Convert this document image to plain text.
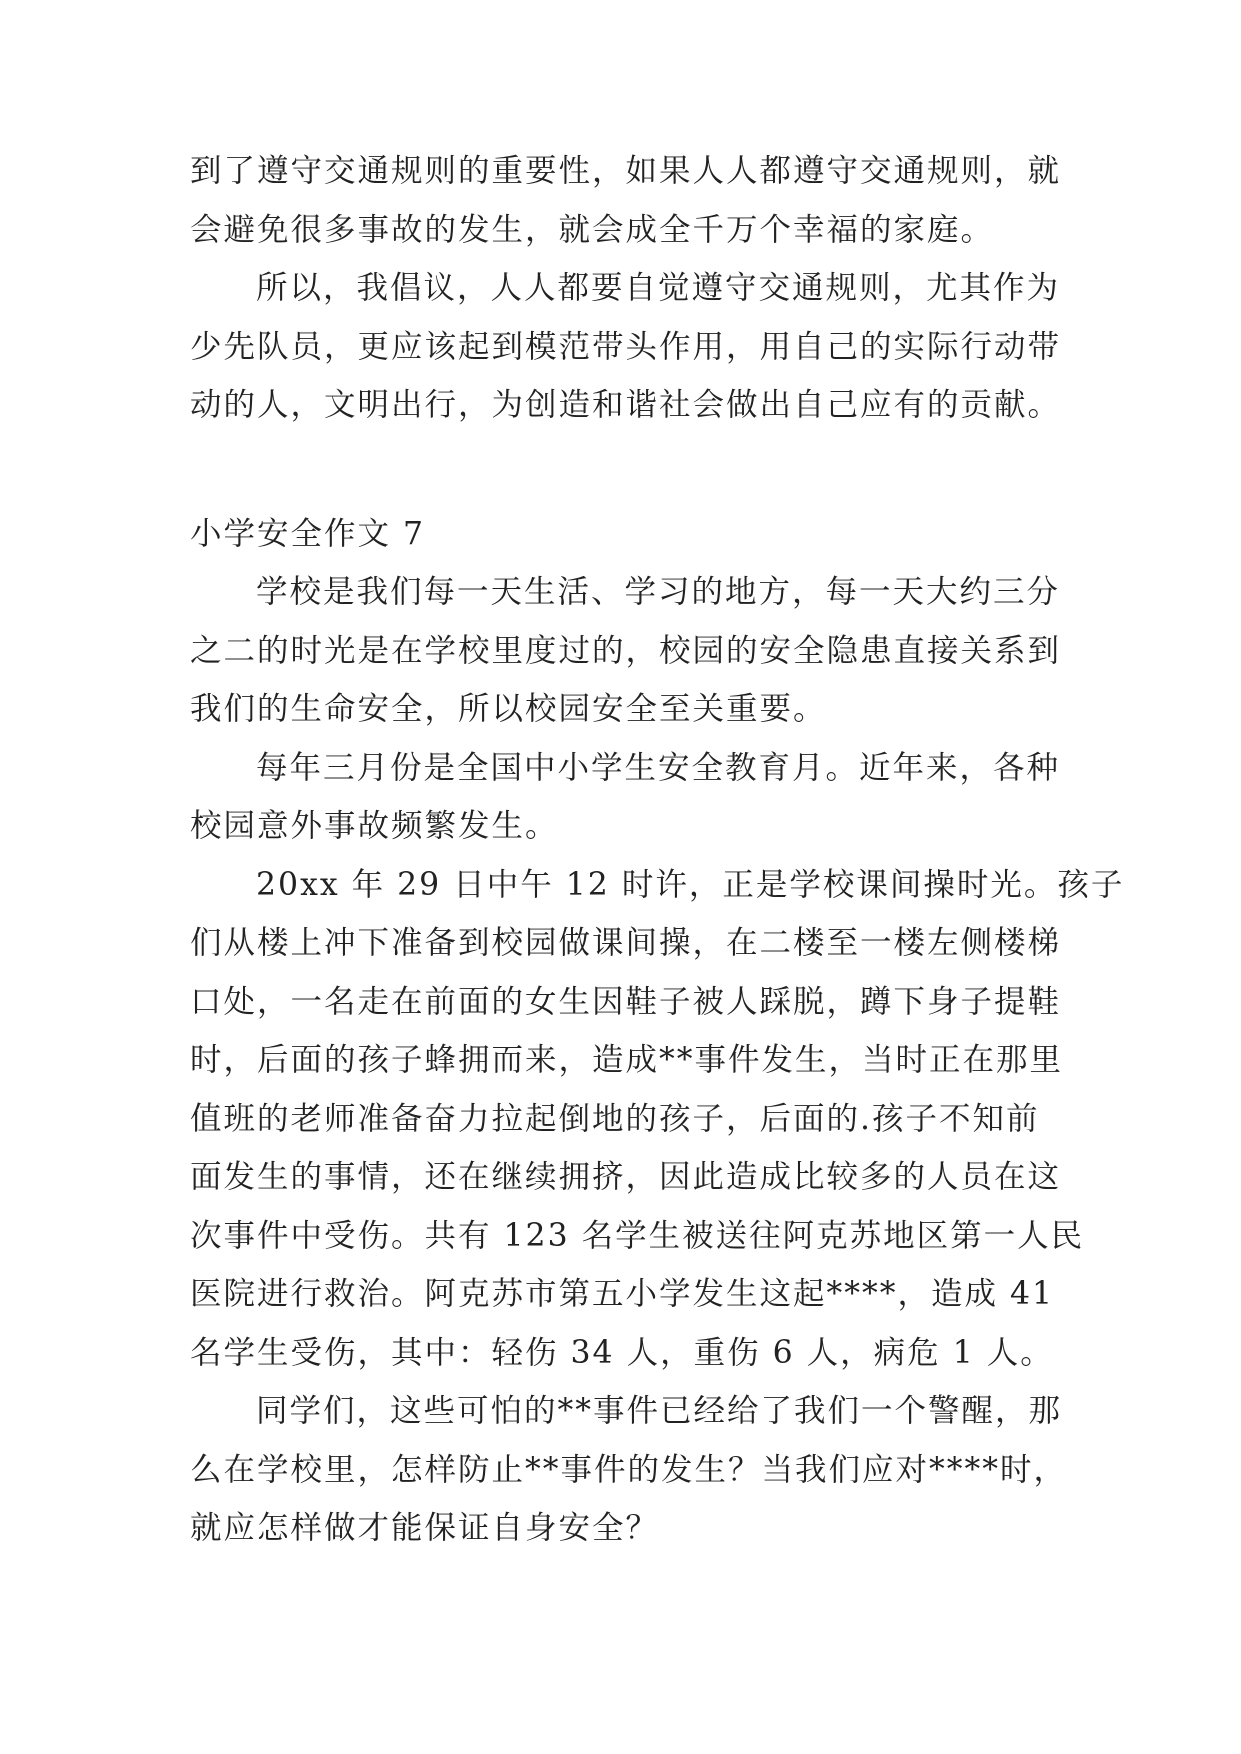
到了遵守交通规则的重要性，如果人人都遵守交通规则，就
会避免很多事故的发生，就会成全千万个幸福的家庭。
所以，我倡议，人人都要自觉遵守交通规则，尤其作为
少先队员，更应该起到模范带头作用，用自己的实际行动带
动的人，文明出行，为创造和谐社会做出自己应有的贡献。
小学安全作文 7
学校是我们每一天生活、学习的地方，每一天大约三分
之二的时光是在学校里度过的，校园的安全隐患直接关系到
我们的生命安全，所以校园安全至关重要。
每年三月份是全国中小学生安全教育月。近年来，各种
校园意外事故频繁发生。
20xx 年 29 日中午 12 时许，正是学校课间操时光。孩子
们从楼上冲下准备到校园做课间操，在二楼至一楼左侧楼梯
口处，一名走在前面的女生因鞋子被人踩脱，蹲下身子提鞋
时，后面的孩子蜂拥而来，造成**事件发生，当时正在那里
值班的老师准备奋力拉起倒地的孩子，后面的.孩子不知前
面发生的事情，还在继续拥挤，因此造成比较多的人员在这
次事件中受伤。共有 123 名学生被送往阿克苏地区第一人民
医院进行救治。阿克苏市第五小学发生这起****，造成 41
名学生受伤，其中：轻伤 34 人，重伤 6 人，病危 1 人。
同学们，这些可怕的**事件已经给了我们一个警醒，那
么在学校里，怎样防止**事件的发生？当我们应对****时，
就应怎样做才能保证自身安全？
